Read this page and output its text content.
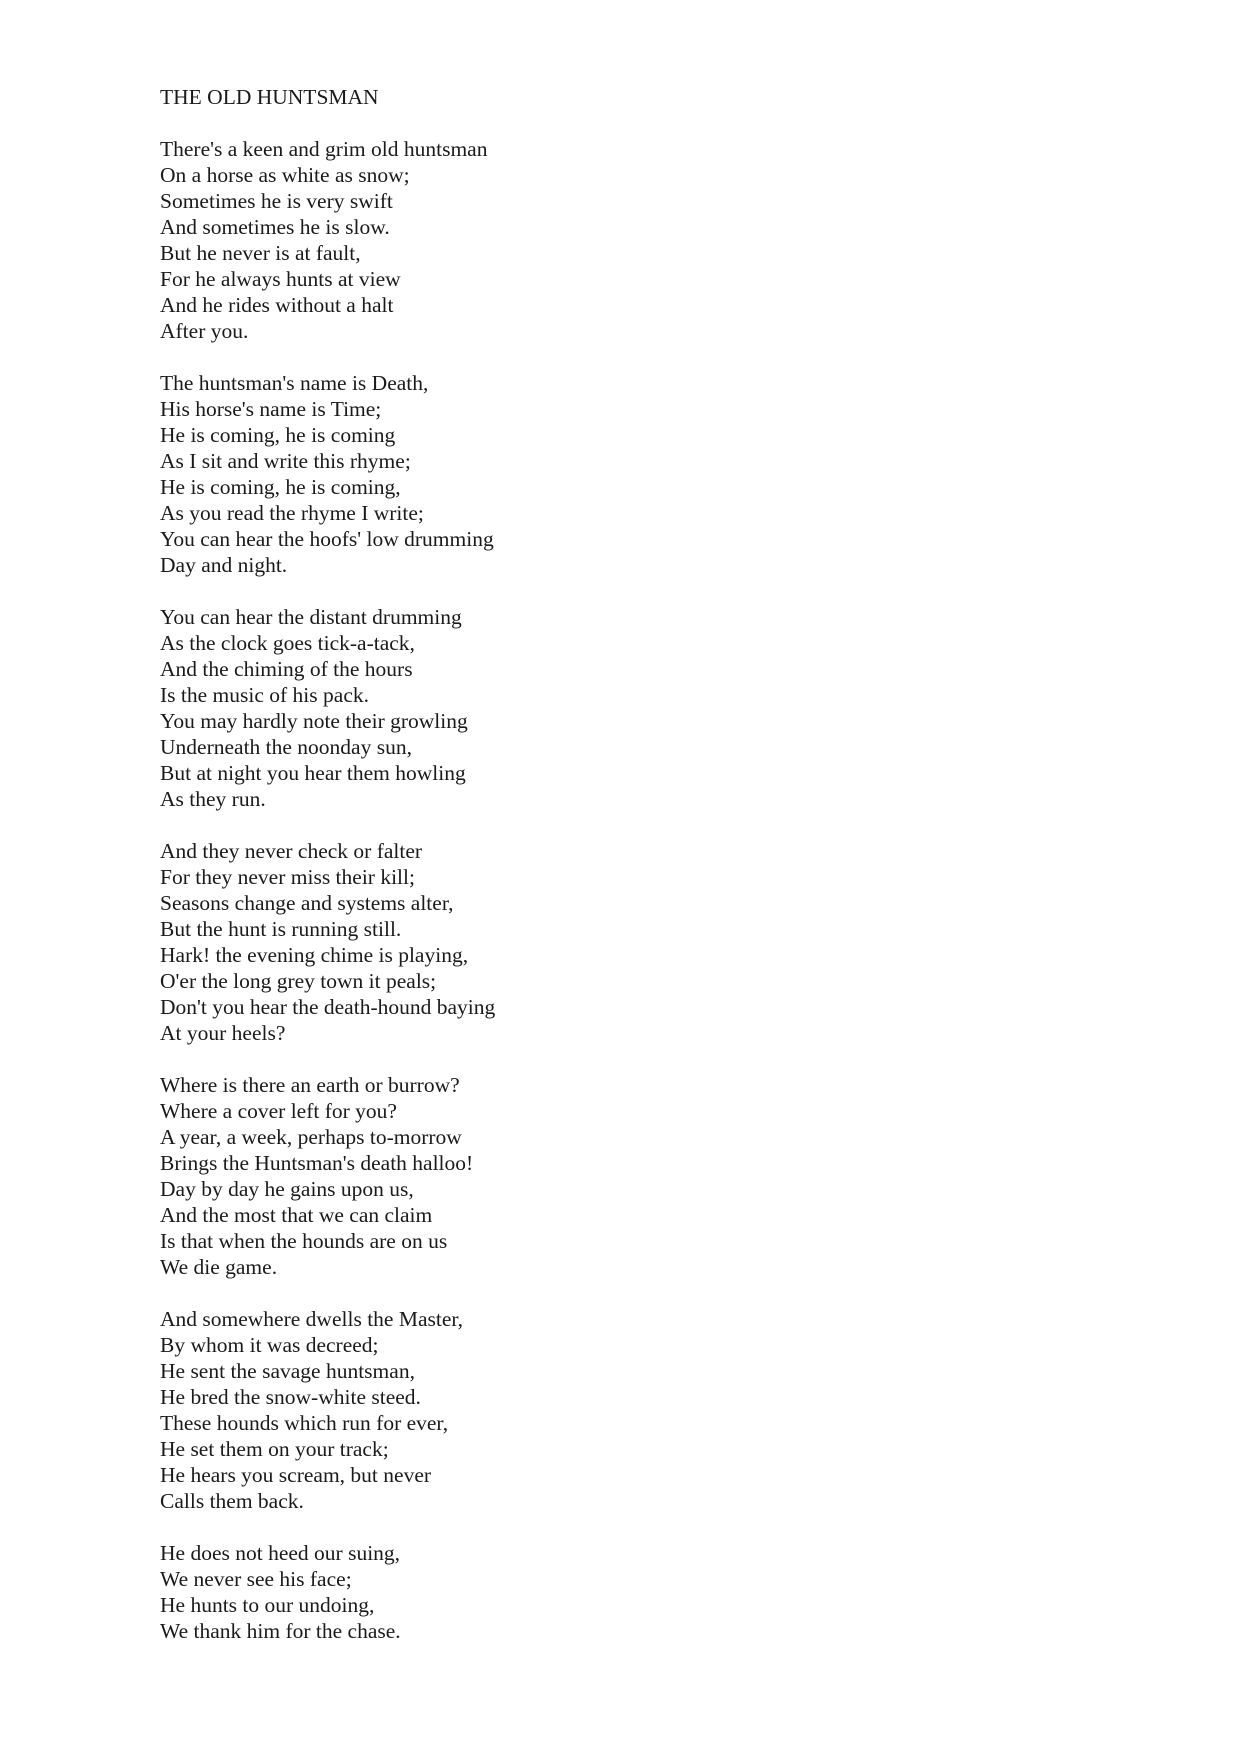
THE OLD HUNTSMAN
There's a keen and grim old huntsman
On a horse as white as snow;
Sometimes he is very swift
And sometimes he is slow.
But he never is at fault,
For he always hunts at view
And he rides without a halt
After you.
The huntsman's name is Death,
His horse's name is Time;
He is coming, he is coming
As I sit and write this rhyme;
He is coming, he is coming,
As you read the rhyme I write;
You can hear the hoofs' low drumming
Day and night.
You can hear the distant drumming
As the clock goes tick-a-tack,
And the chiming of the hours
Is the music of his pack.
You may hardly note their growling
Underneath the noonday sun,
But at night you hear them howling
As they run.
And they never check or falter
For they never miss their kill;
Seasons change and systems alter,
But the hunt is running still.
Hark! the evening chime is playing,
O'er the long grey town it peals;
Don't you hear the death-hound baying
At your heels?
Where is there an earth or burrow?
Where a cover left for you?
A year, a week, perhaps to-morrow
Brings the Huntsman's death halloo!
Day by day he gains upon us,
And the most that we can claim
Is that when the hounds are on us
We die game.
And somewhere dwells the Master,
By whom it was decreed;
He sent the savage huntsman,
He bred the snow-white steed.
These hounds which run for ever,
He set them on your track;
He hears you scream, but never
Calls them back.
He does not heed our suing,
We never see his face;
He hunts to our undoing,
We thank him for the chase.
